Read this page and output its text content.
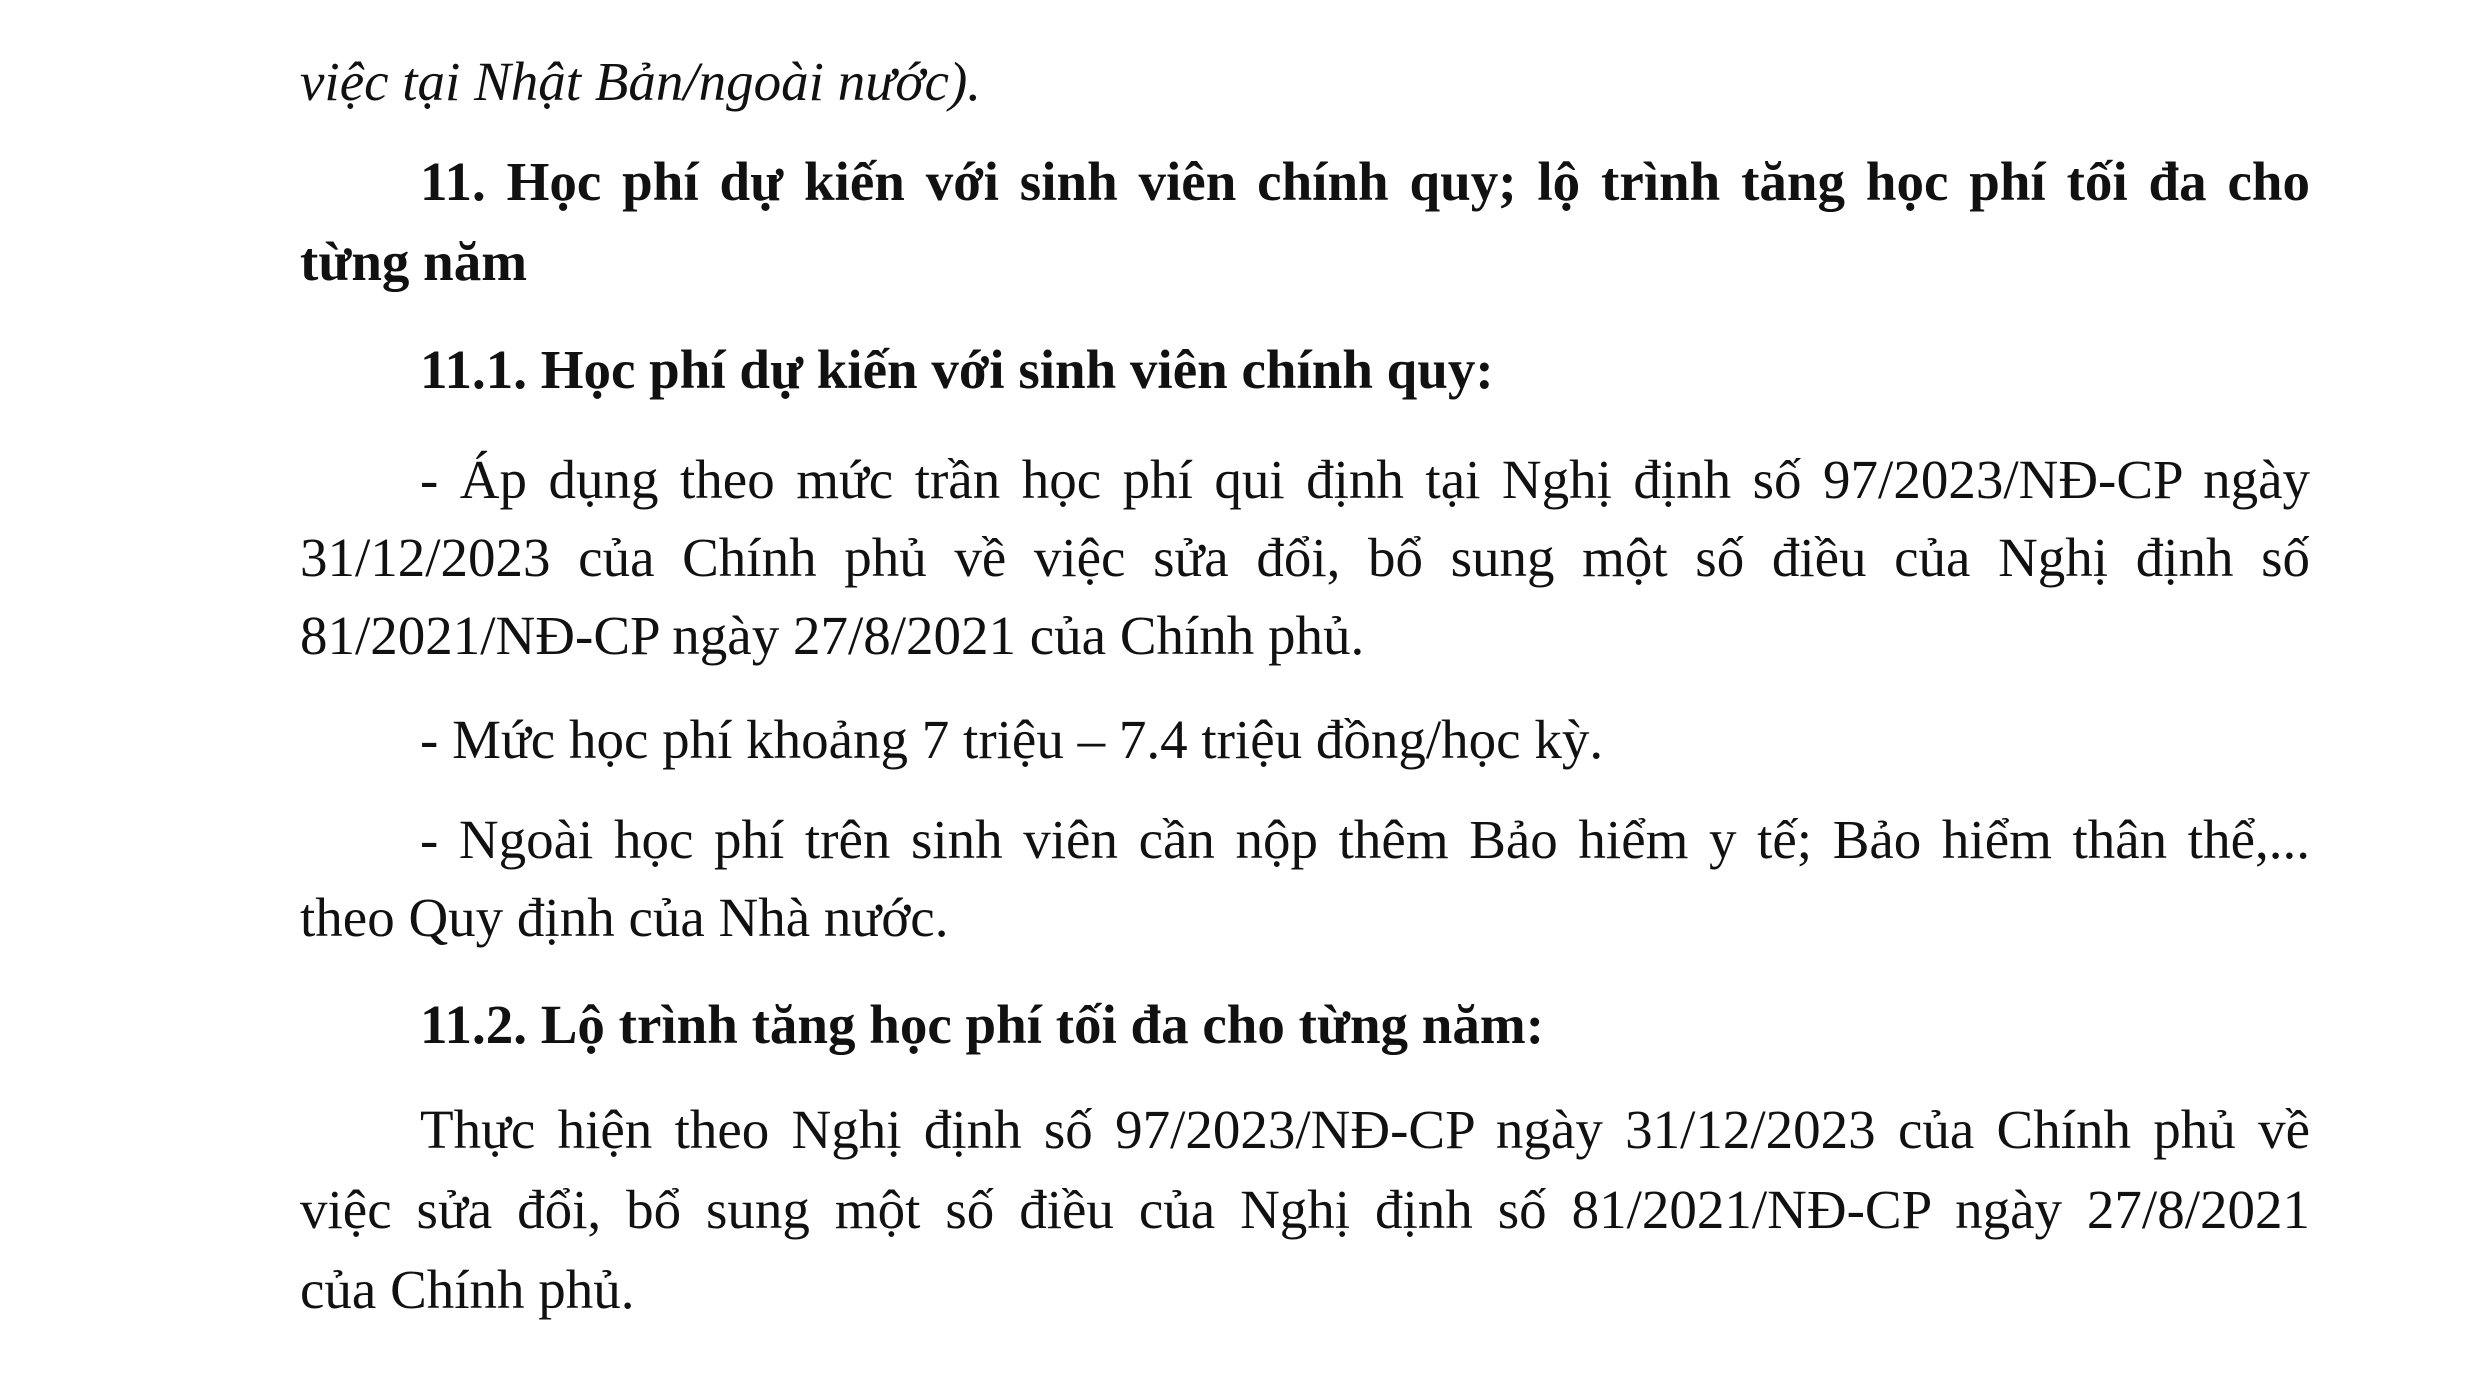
việc tại Nhật Bản/ngoài nước).
11. Học phí dự kiến với sinh viên chính quy; lộ trình tăng học phí tối đa cho
từng năm
11.1. Học phí dự kiến với sinh viên chính quy:
- Áp dụng theo mức trần học phí qui định tại Nghị định số 97/2023/NĐ-CP ngày
31/12/2023 của Chính phủ về việc sửa đổi, bổ sung một số điều của Nghị định số
81/2021/NĐ-CP ngày 27/8/2021 của Chính phủ.
- Mức học phí khoảng 7 triệu – 7.4 triệu đồng/học kỳ.
- Ngoài học phí trên sinh viên cần nộp thêm Bảo hiểm y tế; Bảo hiểm thân thể,...
theo Quy định của Nhà nước.
11.2. Lộ trình tăng học phí tối đa cho từng năm:
Thực hiện theo Nghị định số 97/2023/NĐ-CP ngày 31/12/2023 của Chính phủ về
việc sửa đổi, bổ sung một số điều của Nghị định số 81/2021/NĐ-CP ngày 27/8/2021
của Chính phủ.
